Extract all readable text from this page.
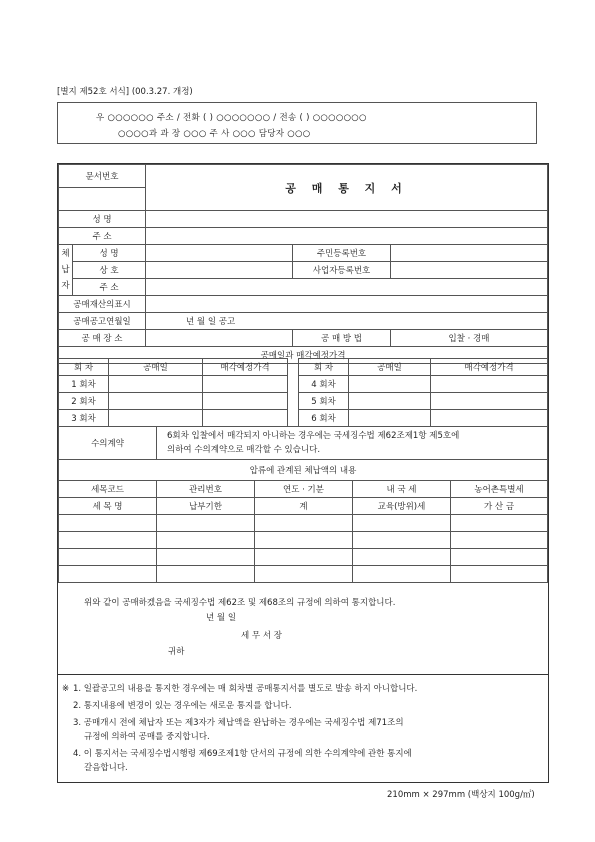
[별지 제52호 서식] (00.3.27. 개정)
우 ○○○○○○ 주소 / 전화 ( ) ○○○○○○○ / 전송 ( ) ○○○○○○○
○○○○과 과 장 ○○○ 주 사 ○○○ 담당자 ○○○
문서번호		공 매 통 지 서		

성 명				
주 소				

체
납
자	성 명		주민등록번호	
	상 호		사업자등록번호	
	주 소			
공매재산의표시				
공매공고연월일		년 월 일 공고		
공 매 장 소			공 매 방 법	입찰 · 경매
공매일과 매각예정가격				
회 차	공매일	매각예정가격
1 회차		
2 회차		
3 회차		
회 차	공매일	매각예정가격
4 회차		
5 회차		
6 회차		
수의계약	6회차 입찰에서 매각되지 아니하는 경우에는 국세징수법 제62조제1항 제5호에
의하여 수의계약으로 매각할 수 있습니다.			

압류에 관계된 체납액의 내용				
세목코드	관리번호	연도 · 기분	내 국 세	농어촌특별세
세 목 명	납부기한	계	교육(방위)세	가 산 금

위와 같이 공매하겠음을 국세징수법 제62조 및 제68조의 규정에 의하여 통지합니다.
년 월 일
세 무 서 장
귀하
※ 1. 일괄공고의 내용을 통지한 경우에는 매 회차별 공매통지서를 별도로 발송 하지 아니합니다.
2. 통지내용에 변경이 있는 경우에는 새로운 통지를 합니다.
3. 공매개시 전에 체납자 또는 제3자가 체납액을 완납하는 경우에는 국세징수법 제71조의
규정에 의하여 공매를 중지합니다.
4. 이 통지서는 국세징수법시행령 제69조제1항 단서의 규정에 의한 수의계약에 관한 통지에
갈음합니다.
210mm × 297mm (백상지 100g/㎡)
